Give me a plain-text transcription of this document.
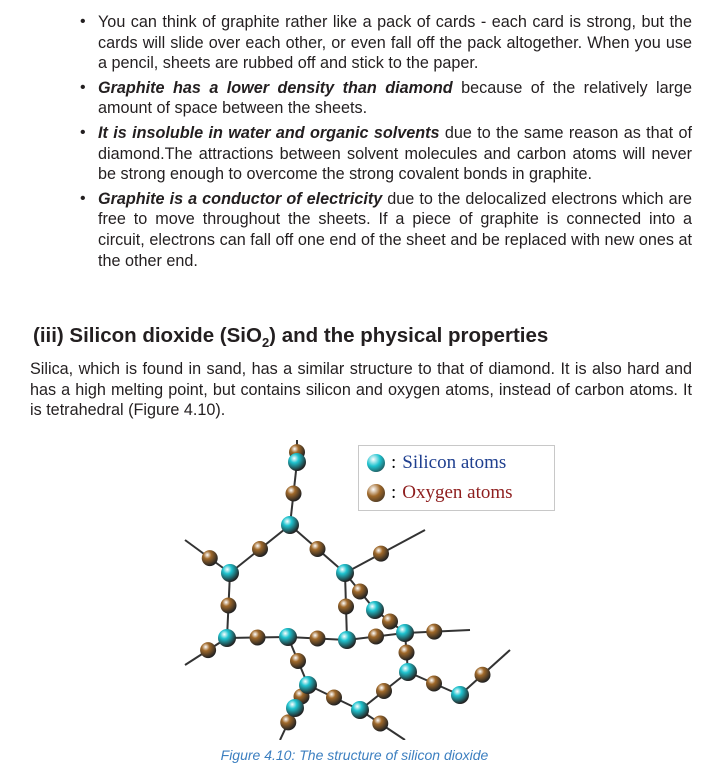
• You can think of graphite rather like a pack of cards - each card is strong, but the cards will slide over each other, or even fall off the pack altogether. When you use a pencil, sheets are rubbed off and stick to the paper.
• Graphite has a lower density than diamond because of the relatively large amount of space between the sheets.
• It is insoluble in water and organic solvents due to the same reason as that of diamond.The attractions between solvent molecules and carbon atoms will never be strong enough to overcome the strong covalent bonds in graphite.
• Graphite is a conductor of electricity due to the delocalized electrons which are free to move throughout the sheets. If a piece of graphite is connected into a circuit, electrons can fall off one end of the sheet and be replaced with new ones at the other end.
(iii) Silicon dioxide (SiO$_2$) and the physical properties
Silica, which is found in sand, has a similar structure to that of diamond. It is also hard and has a high melting point, but contains silicon and oxygen atoms, instead of carbon atoms. It is tetrahedral (Figure 4.10).
: Silicon atoms
: Oxygen atoms
Figure 4.10: The structure of silicon dioxide
